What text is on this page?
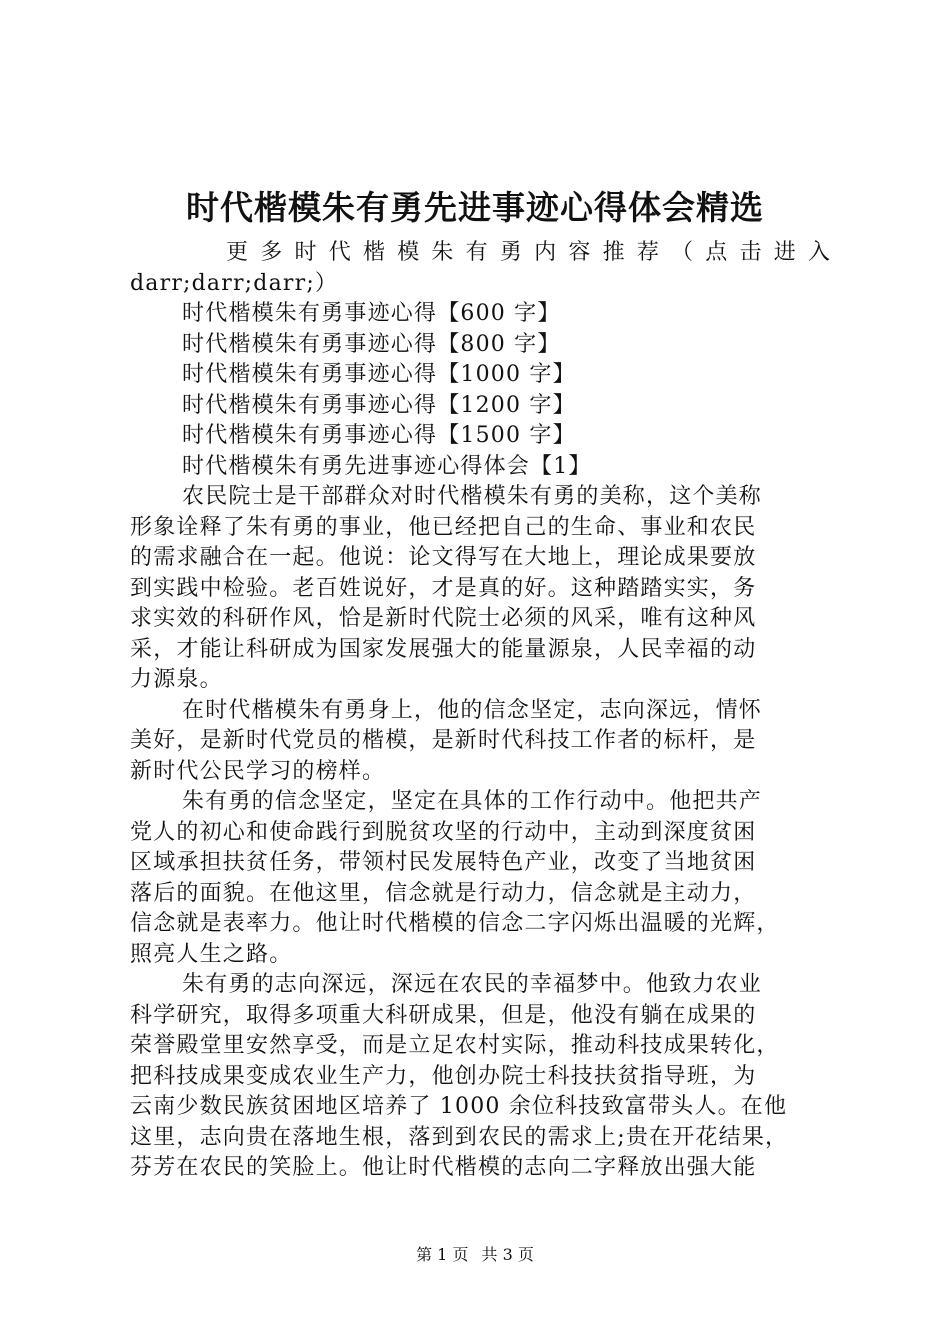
时代楷模朱有勇先进事迹心得体会精选
更 多 时 代 楷 模 朱 有 勇 内 容 推 荐 （ 点 击 进 入
darr;darr;darr;）
时代楷模朱有勇事迹心得【600 字】
时代楷模朱有勇事迹心得【800 字】
时代楷模朱有勇事迹心得【1000 字】
时代楷模朱有勇事迹心得【1200 字】
时代楷模朱有勇事迹心得【1500 字】
时代楷模朱有勇先进事迹心得体会【1】
农民院士是干部群众对时代楷模朱有勇的美称，这个美称
形象诠释了朱有勇的事业，他已经把自己的生命、事业和农民
的需求融合在一起。他说：论文得写在大地上，理论成果要放
到实践中检验。老百姓说好，才是真的好。这种踏踏实实，务
求实效的科研作风，恰是新时代院士必须的风采，唯有这种风
采，才能让科研成为国家发展强大的能量源泉，人民幸福的动
力源泉。
在时代楷模朱有勇身上，他的信念坚定，志向深远，情怀
美好，是新时代党员的楷模，是新时代科技工作者的标杆，是
新时代公民学习的榜样。
朱有勇的信念坚定，坚定在具体的工作行动中。他把共产
党人的初心和使命践行到脱贫攻坚的行动中，主动到深度贫困
区域承担扶贫任务，带领村民发展特色产业，改变了当地贫困
落后的面貌。在他这里，信念就是行动力，信念就是主动力，
信念就是表率力。他让时代楷模的信念二字闪烁出温暖的光辉，
照亮人生之路。
朱有勇的志向深远，深远在农民的幸福梦中。他致力农业
科学研究，取得多项重大科研成果，但是，他没有躺在成果的
荣誉殿堂里安然享受，而是立足农村实际，推动科技成果转化，
把科技成果变成农业生产力，他创办院士科技扶贫指导班，为
云南少数民族贫困地区培养了 1000 余位科技致富带头人。在他
这里，志向贵在落地生根，落到到农民的需求上;贵在开花结果，
芬芳在农民的笑脸上。他让时代楷模的志向二字释放出强大能
第 1 页 共 3 页
